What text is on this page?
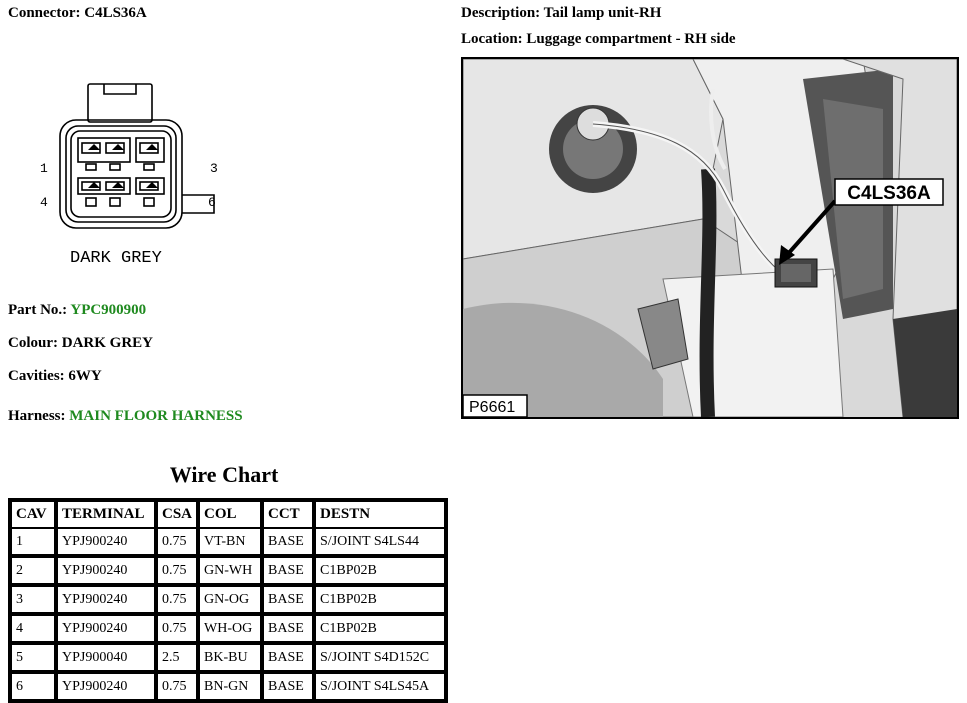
Connector: C4LS36A	Description: Tail lamp unit-RH
Location: Luggage compartment - RH side
1	3
4	6
DARK GREY
C4LS36A
P6661
Part No.: YPC900900
Colour: DARK GREY
Cavities: 6WY
Harness: MAIN FLOOR HARNESS
Wire Chart
CAV	TERMINAL	CSA	COL	CCT	DESTN
1	YPJ900240	0.75	VT-BN	BASE	S/JOINT S4LS44
2	YPJ900240	0.75	GN-WH	BASE	C1BP02B
3	YPJ900240	0.75	GN-OG	BASE	C1BP02B
4	YPJ900240	0.75	WH-OG	BASE	C1BP02B
5	YPJ900040	2.5	BK-BU	BASE	S/JOINT S4D152C
6	YPJ900240	0.75	BN-GN	BASE	S/JOINT S4LS45A
